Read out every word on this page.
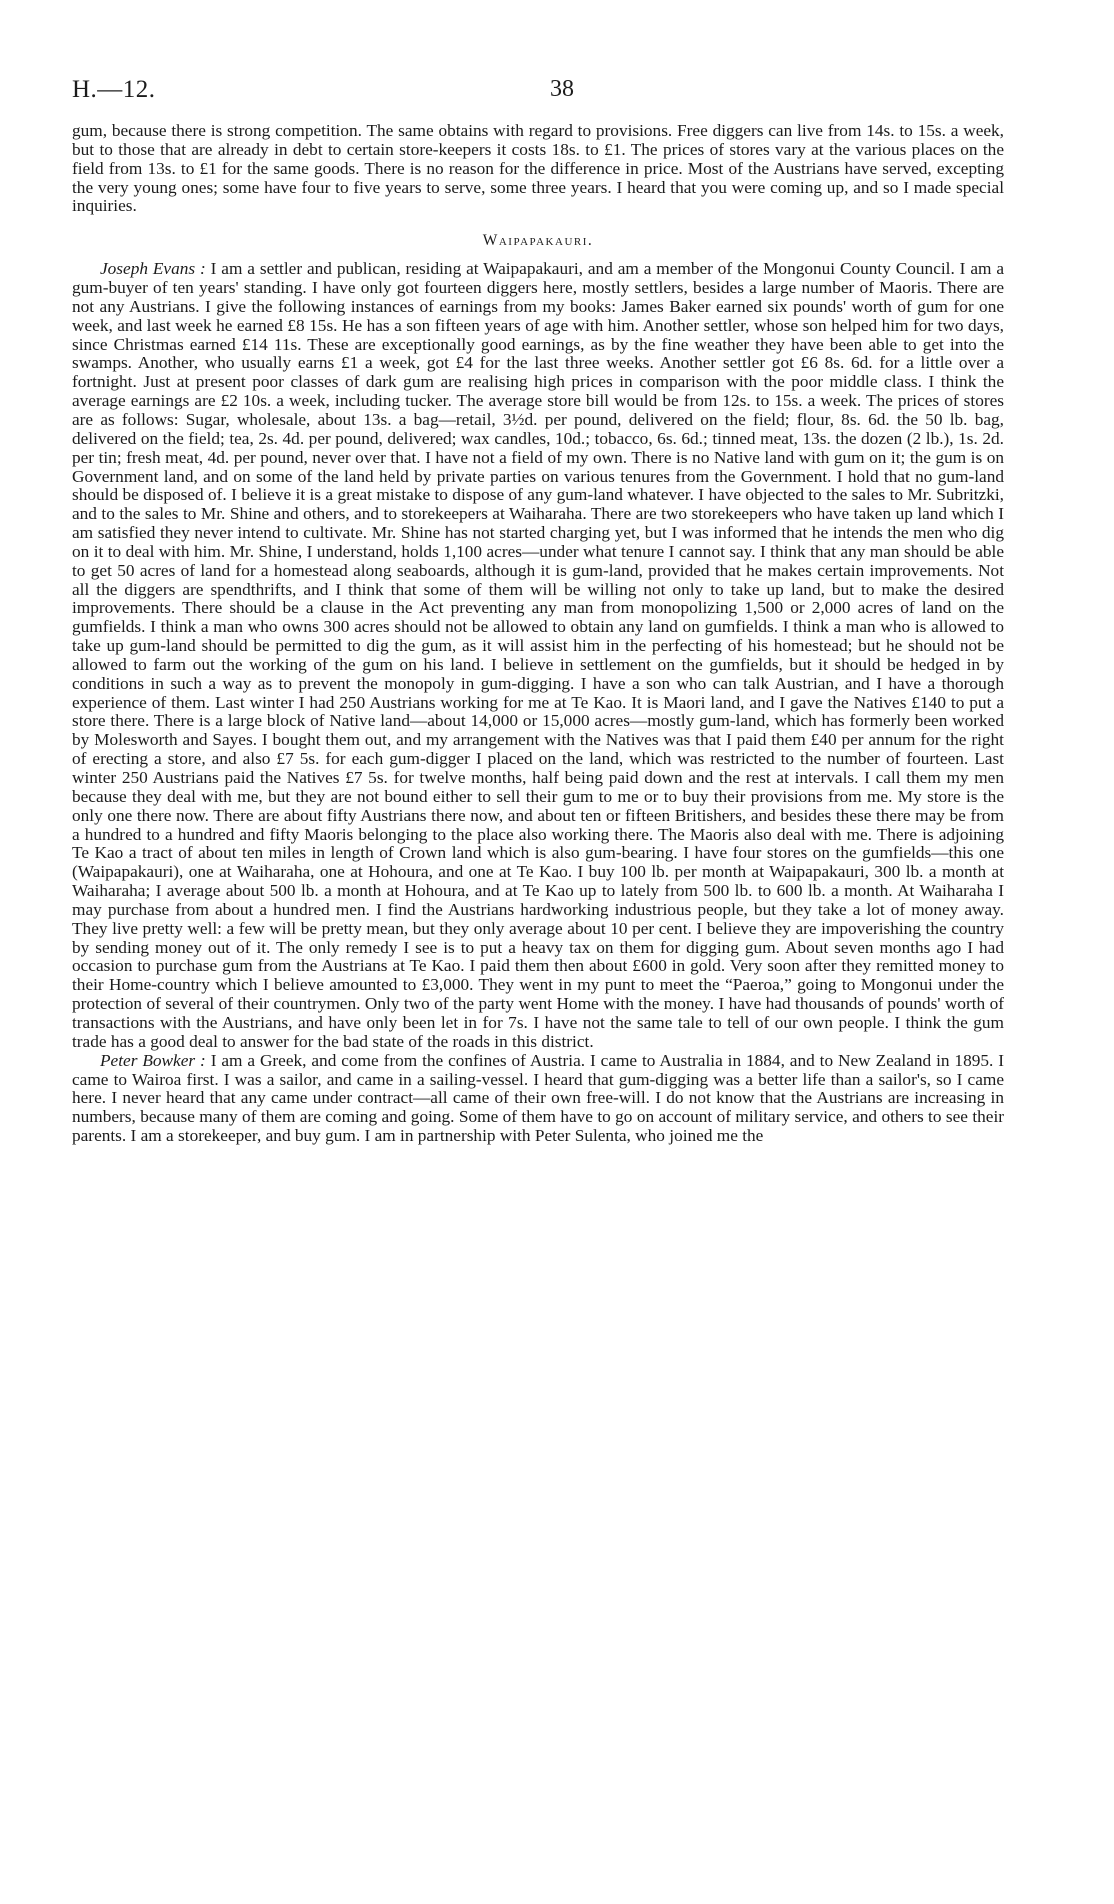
H.—12.	38

gum, because there is strong competition. The same obtains with regard to provisions. Free diggers can live from 14s. to 15s. a week, but to those that are already in debt to certain store-keepers it costs 18s. to £1. The prices of stores vary at the various places on the field from 13s. to £1 for the same goods. There is no reason for the difference in price. Most of the Austrians have served, excepting the very young ones; some have four to five years to serve, some three years. I heard that you were coming up, and so I made special inquiries.

Waipapakauri.

Joseph Evans : I am a settler and publican, residing at Waipapakauri, and am a member of the Mongonui County Council. I am a gum-buyer of ten years' standing. I have only got fourteen diggers here, mostly settlers, besides a large number of Maoris. There are not any Austrians. I give the following instances of earnings from my books: James Baker earned six pounds' worth of gum for one week, and last week he earned £8 15s. He has a son fifteen years of age with him. Another settler, whose son helped him for two days, since Christmas earned £14 11s. These are exceptionally good earnings, as by the fine weather they have been able to get into the swamps. Another, who usually earns £1 a week, got £4 for the last three weeks. Another settler got £6 8s. 6d. for a little over a fortnight. Just at present poor classes of dark gum are realising high prices in comparison with the poor middle class. I think the average earnings are £2 10s. a week, including tucker. The average store bill would be from 12s. to 15s. a week. The prices of stores are as follows: Sugar, wholesale, about 13s. a bag—retail, 3½d. per pound, delivered on the field; flour, 8s. 6d. the 50 lb. bag, delivered on the field; tea, 2s. 4d. per pound, delivered; wax candles, 10d.; tobacco, 6s. 6d.; tinned meat, 13s. the dozen (2 lb.), 1s. 2d. per tin; fresh meat, 4d. per pound, never over that. I have not a field of my own. There is no Native land with gum on it; the gum is on Government land, and on some of the land held by private parties on various tenures from the Government. I hold that no gum-land should be disposed of. I believe it is a great mistake to dispose of any gum-land whatever. I have objected to the sales to Mr. Subritzki, and to the sales to Mr. Shine and others, and to storekeepers at Waiharaha. There are two storekeepers who have taken up land which I am satisfied they never intend to cultivate. Mr. Shine has not started charging yet, but I was informed that he intends the men who dig on it to deal with him. Mr. Shine, I understand, holds 1,100 acres—under what tenure I cannot say. I think that any man should be able to get 50 acres of land for a homestead along seaboards, although it is gum-land, provided that he makes certain improvements. Not all the diggers are spendthrifts, and I think that some of them will be willing not only to take up land, but to make the desired improvements. There should be a clause in the Act preventing any man from monopolizing 1,500 or 2,000 acres of land on the gumfields. I think a man who owns 300 acres should not be allowed to obtain any land on gumfields. I think a man who is allowed to take up gum-land should be permitted to dig the gum, as it will assist him in the perfecting of his homestead; but he should not be allowed to farm out the working of the gum on his land. I believe in settlement on the gumfields, but it should be hedged in by conditions in such a way as to prevent the monopoly in gum-digging. I have a son who can talk Austrian, and I have a thorough experience of them. Last winter I had 250 Austrians working for me at Te Kao. It is Maori land, and I gave the Natives £140 to put a store there. There is a large block of Native land—about 14,000 or 15,000 acres—mostly gum-land, which has formerly been worked by Molesworth and Sayes. I bought them out, and my arrangement with the Natives was that I paid them £40 per annum for the right of erecting a store, and also £7 5s. for each gum-digger I placed on the land, which was restricted to the number of fourteen. Last winter 250 Austrians paid the Natives £7 5s. for twelve months, half being paid down and the rest at intervals. I call them my men because they deal with me, but they are not bound either to sell their gum to me or to buy their provisions from me. My store is the only one there now. There are about fifty Austrians there now, and about ten or fifteen Britishers, and besides these there may be from a hundred to a hundred and fifty Maoris belonging to the place also working there. The Maoris also deal with me. There is adjoining Te Kao a tract of about ten miles in length of Crown land which is also gum-bearing. I have four stores on the gumfields—this one (Waipapakauri), one at Waiharaha, one at Hohoura, and one at Te Kao. I buy 100 lb. per month at Waipapakauri, 300 lb. a month at Waiharaha; I average about 500 lb. a month at Hohoura, and at Te Kao up to lately from 500 lb. to 600 lb. a month. At Waiharaha I may purchase from about a hundred men. I find the Austrians hardworking industrious people, but they take a lot of money away. They live pretty well: a few will be pretty mean, but they only average about 10 per cent. I believe they are impoverishing the country by sending money out of it. The only remedy I see is to put a heavy tax on them for digging gum. About seven months ago I had occasion to purchase gum from the Austrians at Te Kao. I paid them then about £600 in gold. Very soon after they remitted money to their Home-country which I believe amounted to £3,000. They went in my punt to meet the “Paeroa,” going to Mongonui under the protection of several of their countrymen. Only two of the party went Home with the money. I have had thousands of pounds' worth of transactions with the Austrians, and have only been let in for 7s. I have not the same tale to tell of our own people. I think the gum trade has a good deal to answer for the bad state of the roads in this district.

Peter Bowker : I am a Greek, and come from the confines of Austria. I came to Australia in 1884, and to New Zealand in 1895. I came to Wairoa first. I was a sailor, and came in a sailing-vessel. I heard that gum-digging was a better life than a sailor's, so I came here. I never heard that any came under contract—all came of their own free-will. I do not know that the Austrians are increasing in numbers, because many of them are coming and going. Some of them have to go on account of military service, and others to see their parents. I am a storekeeper, and buy gum. I am in partnership with Peter Sulenta, who joined me the
